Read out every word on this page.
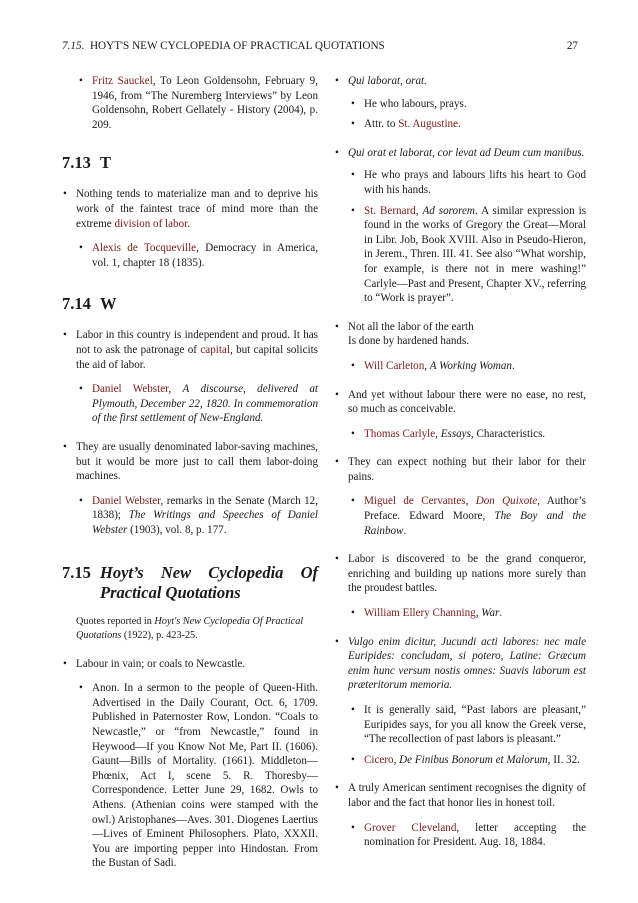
7.15. HOYT'S NEW CYCLOPEDIA OF PRACTICAL QUOTATIONS	27
• Fritz Sauckel, To Leon Goldensohn, February 9, 1946, from “The Nuremberg Interviews” by Leon Goldensohn, Robert Gellately - History (2004), p. 209.
7.13 T
• Nothing tends to materialize man and to deprive his work of the faintest trace of mind more than the extreme division of labor.
• Alexis de Tocqueville, Democracy in America, vol. 1, chapter 18 (1835).
7.14 W
• Labor in this country is independent and proud. It has not to ask the patronage of capital, but capital solicits the aid of labor.
• Daniel Webster, A discourse, delivered at Plymouth, December 22, 1820. In commemoration of the first settlement of New-England.
• They are usually denominated labor-saving machines, but it would be more just to call them labor-doing machines.
• Daniel Webster, remarks in the Senate (March 12, 1838); The Writings and Speeches of Daniel Webster (1903), vol. 8, p. 177.
7.15 Hoyt’s New Cyclopedia Of Practical Quotations
Quotes reported in Hoyt's New Cyclopedia Of Practical Quotations (1922), p. 423-25.
• Labour in vain; or coals to Newcastle.
• Anon. In a sermon to the people of Queen-Hith. Advertised in the Daily Courant, Oct. 6, 1709. Published in Paternoster Row, London. “Coals to Newcastle,” or “from Newcastle,” found in Heywood—If you Know Not Me, Part II. (1606). Gaunt—Bills of Mortality. (1661). Middleton—Phœnix, Act I, scene 5. R. Thoresby—Correspondence. Letter June 29, 1682. Owls to Athens. (Athenian coins were stamped with the owl.) Aristophanes—Aves. 301. Diogenes Laertius—Lives of Eminent Philosophers. Plato, XXXII. You are importing pepper into Hindostan. From the Bustan of Sadi.
• Qui laborat, orat.
• He who labours, prays.
• Attr. to St. Augustine.
• Qui orat et laborat, cor levat ad Deum cum manibus.
• He who prays and labours lifts his heart to God with his hands.
• St. Bernard, Ad sororem. A similar expression is found in the works of Gregory the Great—Moral in Libr. Job, Book XVIII. Also in Pseudo-Hieron, in Jerem., Thren. III. 41. See also “What worship, for example, is there not in mere washing!” Carlyle—Past and Present, Chapter XV., referring to “Work is prayer”.
• Not all the labor of the earth
Is done by hardened hands.
• Will Carleton, A Working Woman.
• And yet without labour there were no ease, no rest, so much as conceivable.
• Thomas Carlyle, Essays, Characteristics.
• They can expect nothing but their labor for their pains.
• Miguel de Cervantes, Don Quixote, Author’s Preface. Edward Moore, The Boy and the Rainbow.
• Labor is discovered to be the grand conqueror, enriching and building up nations more surely than the proudest battles.
• William Ellery Channing, War.
• Vulgo enim dicitur, Jucundi acti labores: nec male Euripides: concludam, si potero, Latine: Græcum enim hunc versum nostis omnes: Suavis laborum est præteritorum memoria.
• It is generally said, “Past labors are pleasant,” Euripides says, for you all know the Greek verse, “The recollection of past labors is pleasant.”
• Cicero, De Finibus Bonorum et Malorum, II. 32.
• A truly American sentiment recognises the dignity of labor and the fact that honor lies in honest toil.
• Grover Cleveland, letter accepting the nomination for President. Aug. 18, 1884.
